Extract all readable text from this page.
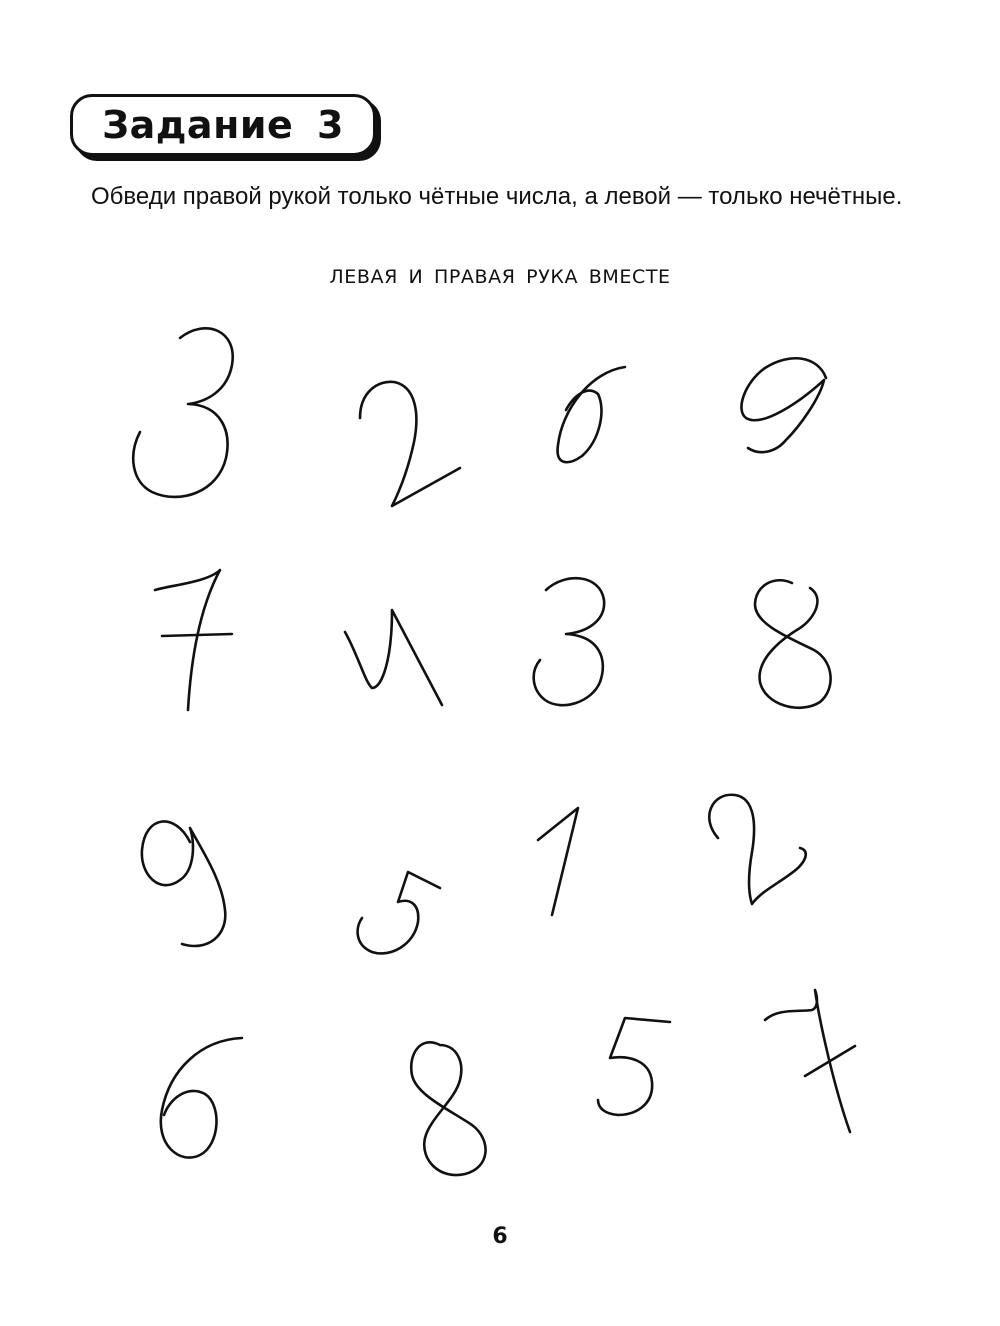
Задание 3

Обведи правой рукой только чётные числа, а левой — только нечётные.

ЛЕВАЯ И ПРАВАЯ РУКА ВМЕСТЕ
6
